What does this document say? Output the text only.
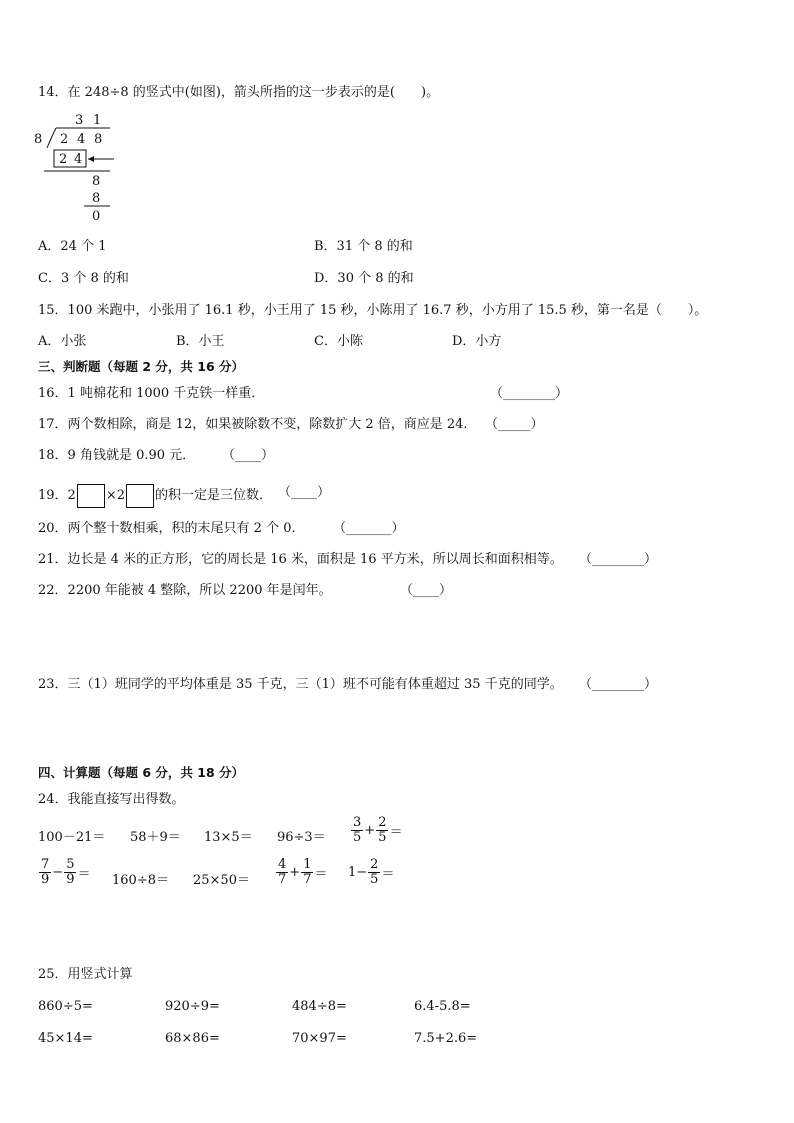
14．在 248÷8 的竖式中(如图)，箭头所指的这一步表示的是(　　)。
3 1
8 2 4 8
2 4
8
8
0
A．24 个 1	B．31 个 8 的和
C．3 个 8 的和	D．30 个 8 的和
15．100 米跑中，小张用了 16.1 秒，小王用了 15 秒，小陈用了 16.7 秒，小方用了 15.5 秒，第一名是（　　）。
A．小张	B．小王	C．小陈	D．小方
三、判断题（每题 2 分，共 16 分）
16．1 吨棉花和 1000 千克铁一样重．	（________）
17．两个数相除，商是 12，如果被除数不变，除数扩大 2 倍，商应是 24. （_____）
18．9 角钱就是 0.90 元． （____）
19．2 ×2 的积一定是三位数． （____）
20．两个整十数相乘，积的末尾只有 2 个 0.	（_______）
21．边长是 4 米的正方形，它的周长是 16 米，面积是 16 平方米，所以周长和面积相等。 （________）
22．2200 年能被 4 整除，所以 2200 年是闰年。	（____）
23．三（1）班同学的平均体重是 35 千克，三（1）班不可能有体重超过 35 千克的同学。 （________）
四、计算题（每题 6 分，共 18 分）
24．我能直接写出得数。
$100-21= 58+9= 13\times 5= 96\div 3= \frac{3}{5} + \frac{2}{5}$ ＝
$\frac{7}{9} - \frac{5}{9} = 160\div 8= 25\times 50= \frac{4}{7} + \frac{1}{7} = 1- \frac{2}{5}$ ＝
25．用竖式计算
860÷5=	920÷9=	484÷8=	6.4-5.8=
45×14=	68×86=	70×97=	7.5+2.6=
